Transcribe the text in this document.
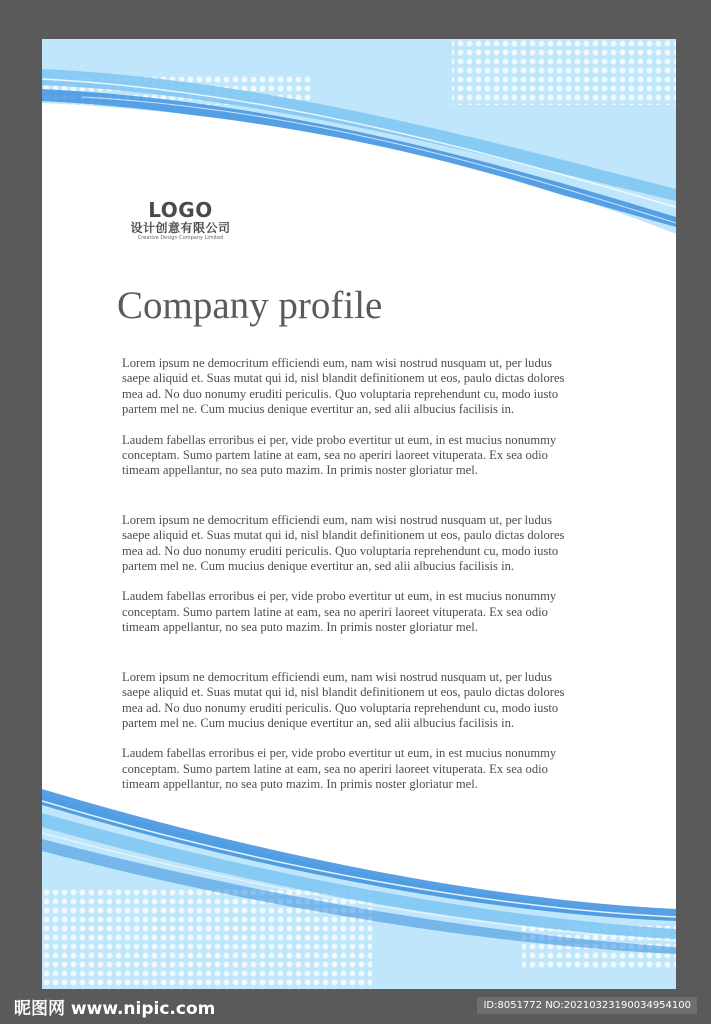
LOGO
设计创意有限公司
Creative Design Company Limited
Company profile

Lorem ipsum ne democritum efficiendi eum, nam wisi nostrud nusquam ut, per ludus
saepe aliquid et. Suas mutat qui id, nisl blandit definitionem ut eos, paulo dictas dolores
mea ad. No duo nonumy eruditi periculis. Quo voluptaria reprehendunt cu, modo iusto
partem mel ne. Cum mucius denique evertitur an, sed alii albucius facilisis in.

Laudem fabellas erroribus ei per, vide probo evertitur ut eum, in est mucius nonummy
conceptam. Sumo partem latine at eam, sea no aperiri laoreet vituperata. Ex sea odio
timeam appellantur, no sea puto mazim. In primis noster gloriatur mel.

Lorem ipsum ne democritum efficiendi eum, nam wisi nostrud nusquam ut, per ludus
saepe aliquid et. Suas mutat qui id, nisl blandit definitionem ut eos, paulo dictas dolores
mea ad. No duo nonumy eruditi periculis. Quo voluptaria reprehendunt cu, modo iusto
partem mel ne. Cum mucius denique evertitur an, sed alii albucius facilisis in.

Laudem fabellas erroribus ei per, vide probo evertitur ut eum, in est mucius nonummy
conceptam. Sumo partem latine at eam, sea no aperiri laoreet vituperata. Ex sea odio
timeam appellantur, no sea puto mazim. In primis noster gloriatur mel.

Lorem ipsum ne democritum efficiendi eum, nam wisi nostrud nusquam ut, per ludus
saepe aliquid et. Suas mutat qui id, nisl blandit definitionem ut eos, paulo dictas dolores
mea ad. No duo nonumy eruditi periculis. Quo voluptaria reprehendunt cu, modo iusto
partem mel ne. Cum mucius denique evertitur an, sed alii albucius facilisis in.

Laudem fabellas erroribus ei per, vide probo evertitur ut eum, in est mucius nonummy
conceptam. Sumo partem latine at eam, sea no aperiri laoreet vituperata. Ex sea odio
timeam appellantur, no sea puto mazim. In primis noster gloriatur mel.

昵图网 www.nipic.com	ID:8051772 NO:20210323190034954100
